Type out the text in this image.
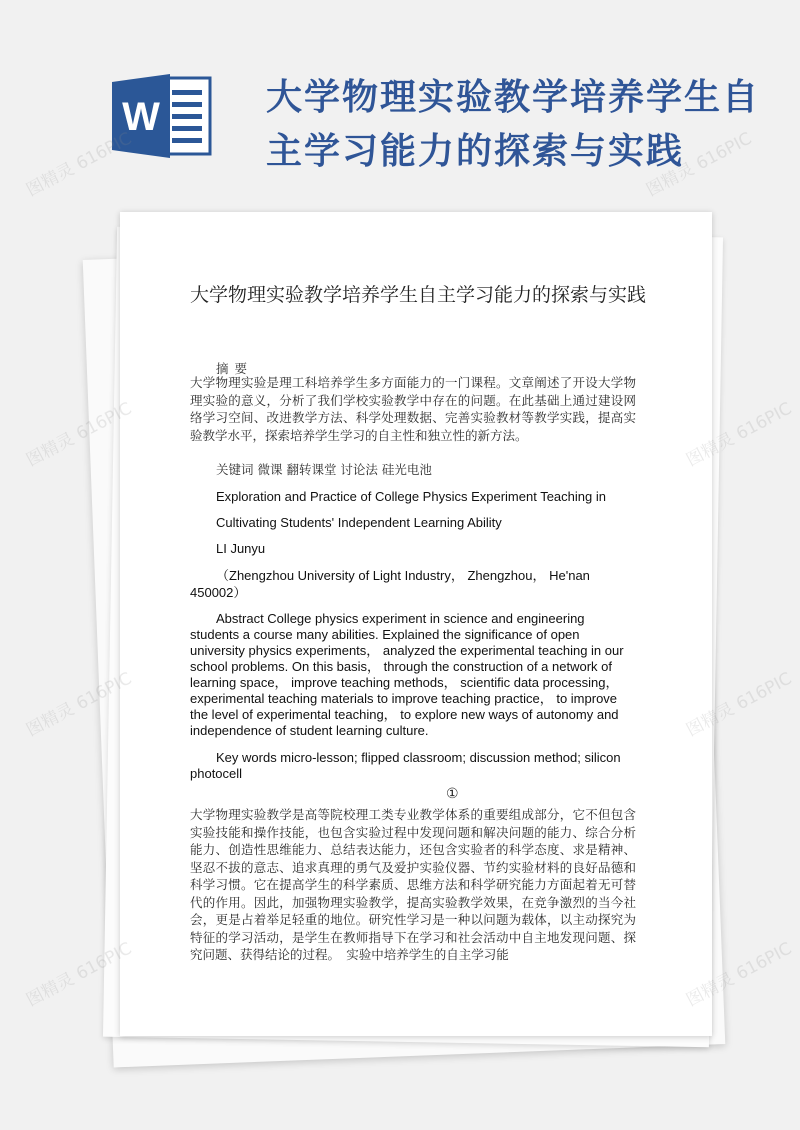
W	大学物理实验教学培养学生自
主学习能力的探索与实践
大学物理实验教学培养学生自主学习能力的探索与实践
摘要
大学物理实验是理工科培养学生多方面能力的一门课程。文章阐述了开设大学物理实验的意义，分析了我们学校实验教学中存在的问题。在此基础上通过建设网络学习空间、改进教学方法、科学处理数据、完善实验教材等教学实践，提高实验教学水平，探索培养学生学习的自主性和独立性的新方法。
关键词 微课 翻转课堂 讨论法 硅光电池
Exploration and Practice of College Physics Experiment Teaching in
Cultivating Students' Independent Learning Ability
LI Junyu
（Zhengzhou University of Light Industry， Zhengzhou， He'nan 450002）
Abstract College physics experiment in science and engineering students a course many abilities. Explained the significance of open university physics experiments， analyzed the experimental teaching in our school problems. On this basis， through the construction of a network of learning space， improve teaching methods， scientific data processing， experimental teaching materials to improve teaching practice， to improve the level of experimental teaching， to explore new ways of autonomy and independence of student learning culture.
Key words micro-lesson; flipped classroom; discussion method; silicon photocell
①
大学物理实验教学是高等院校理工类专业教学体系的重要组成部分，它不但包含实验技能和操作技能，也包含实验过程中发现问题和解决问题的能力、综合分析能力、创造性思维能力、总结表达能力，还包含实验者的科学态度、求是精神、坚忍不拔的意志、追求真理的勇气及爱护实验仪器、节约实验材料的良好品德和科学习惯。它在提高学生的科学素质、思维方法和科学研究能力方面起着无可替代的作用。因此，加强物理实验教学，提高实验教学效果，在竞争激烈的当今社会，更是占着举足轻重的地位。研究性学习是一种以问题为载体，以主动探究为特征的学习活动，是学生在教师指导下在学习和社会活动中自主地发现问题、探究问题、获得结论的过程。　实验中培养学生的自主学习能
图精灵 616PIC	图精灵 616PIC
图精灵 616PIC	图精灵 616PIC
图精灵 616PIC	图精灵 616PIC
图精灵 616PIC	图精灵 616PIC
